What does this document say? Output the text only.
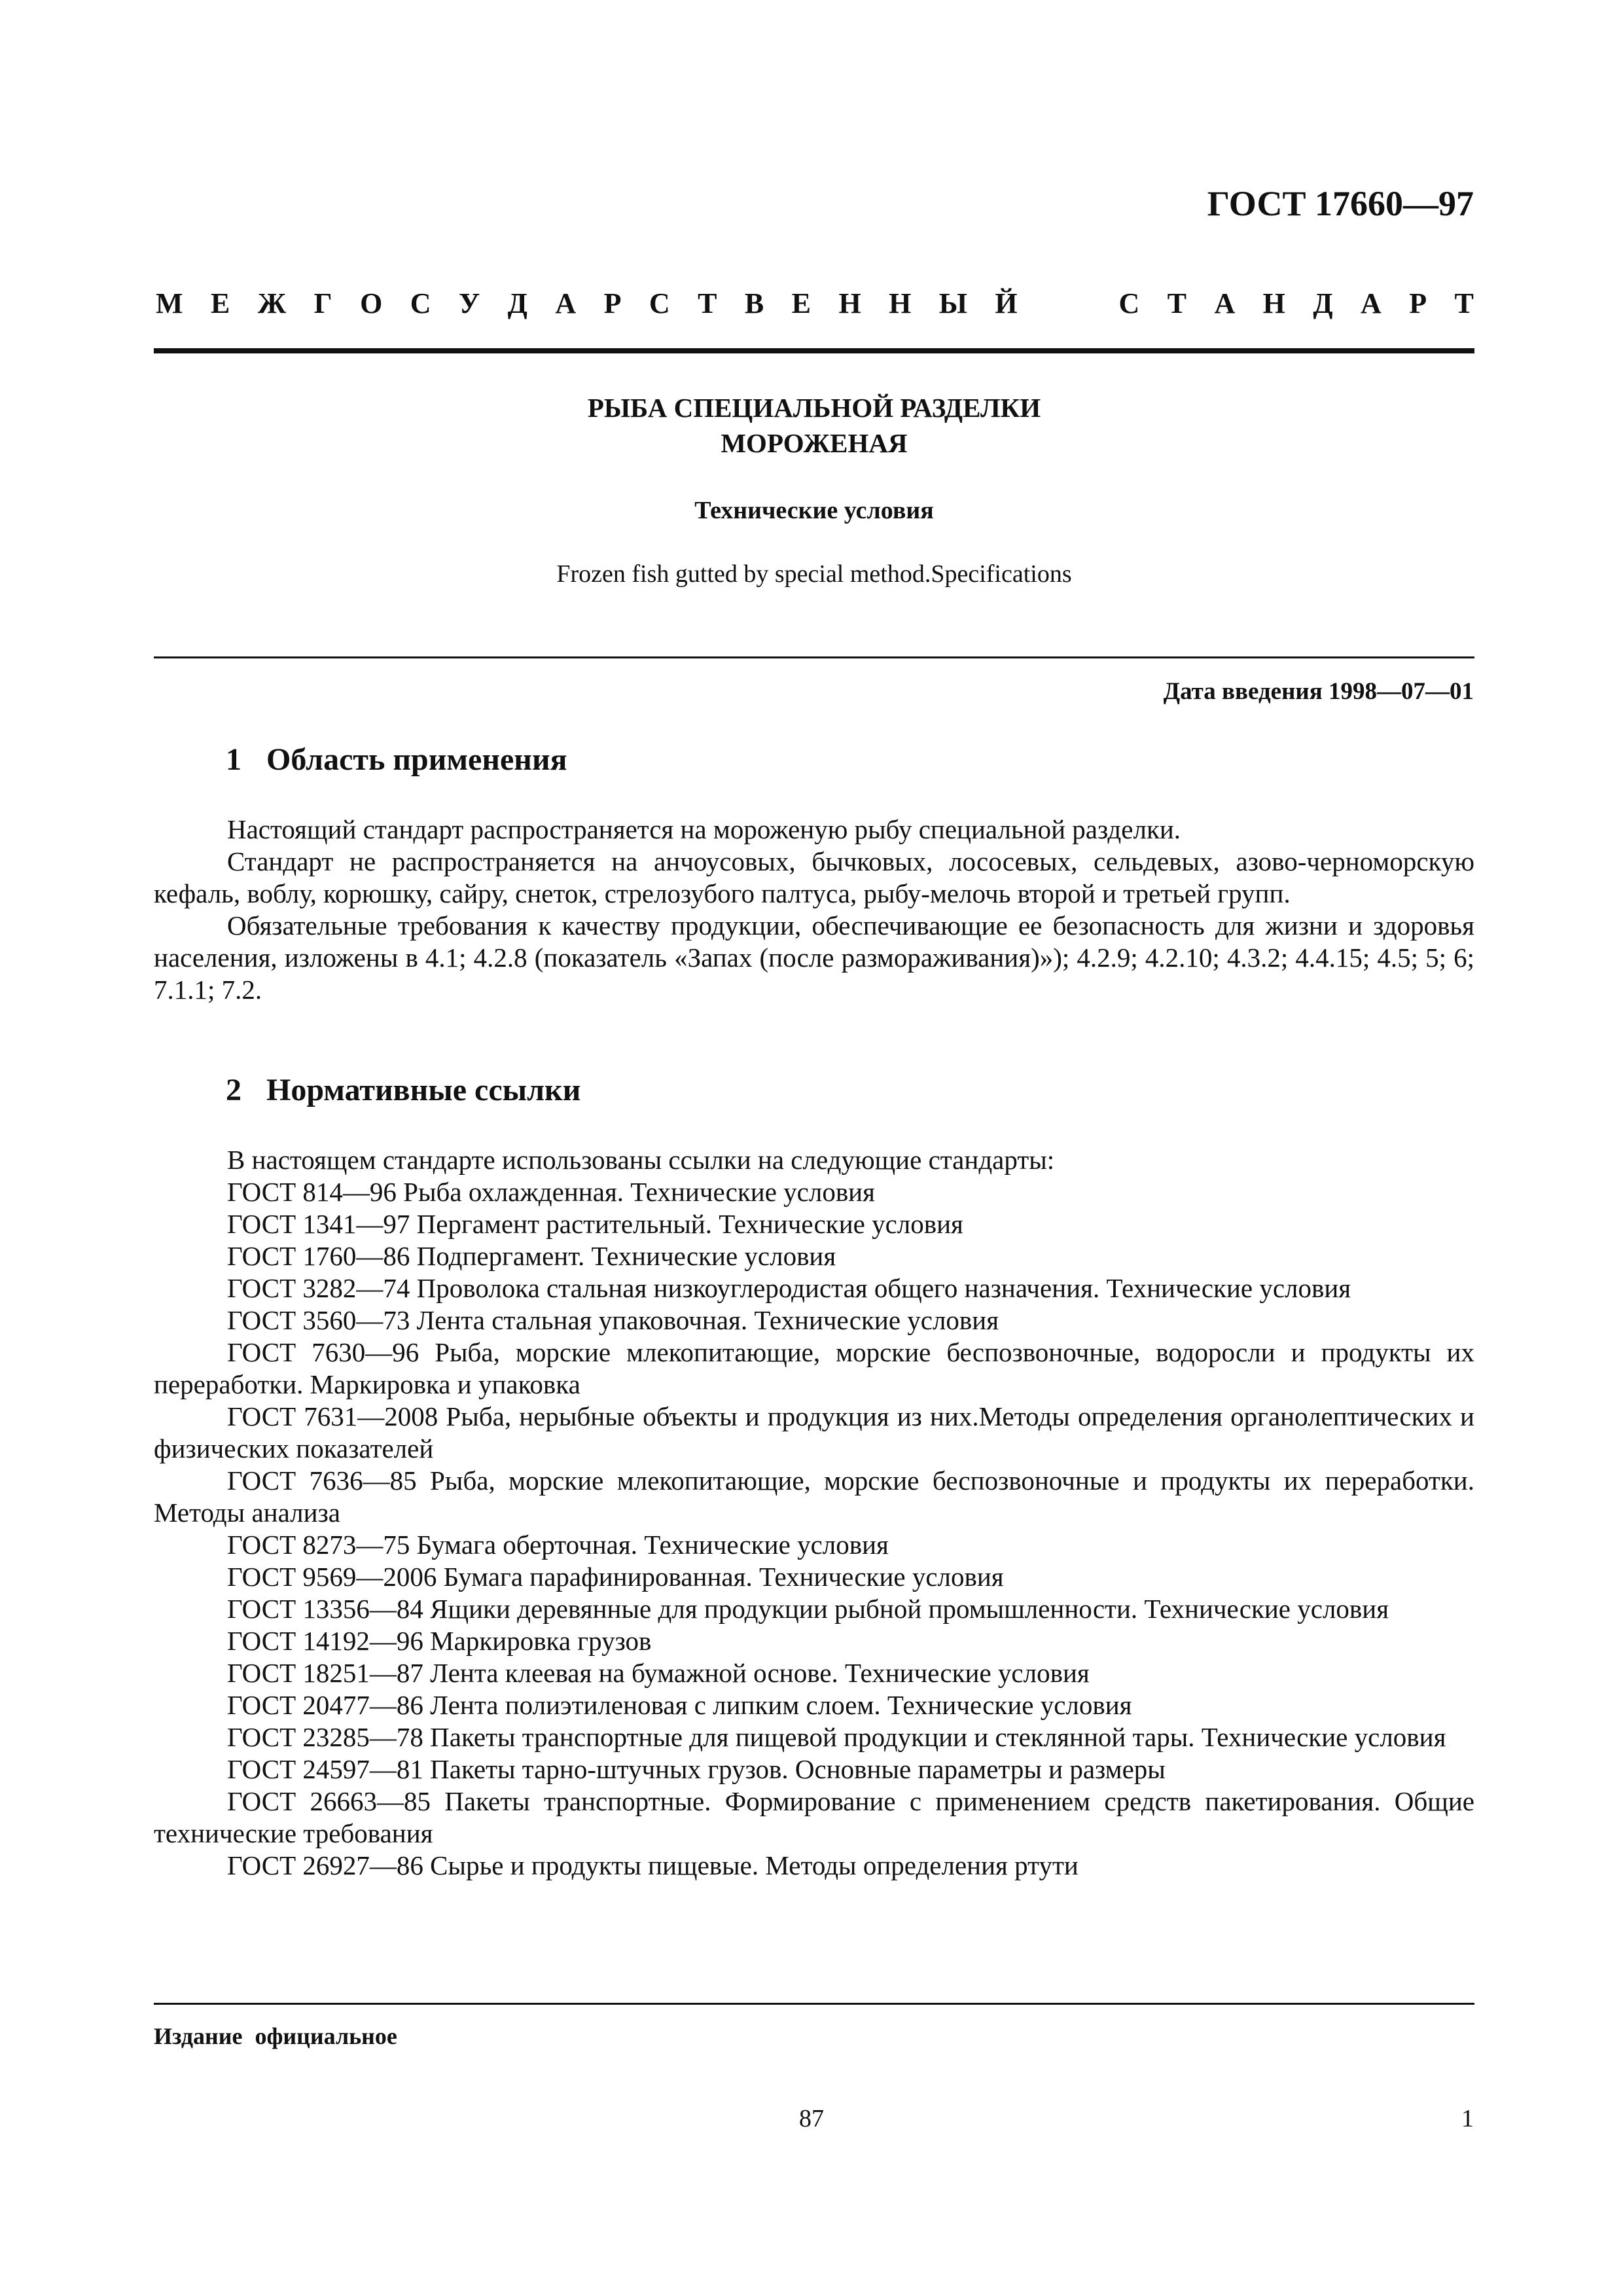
ГОСТ 17660—97
М Е Ж Г О С У Д А Р С Т В Е Н Н Ы Й	С Т А Н Д А Р Т
РЫБА СПЕЦИАЛЬНОЙ РАЗДЕЛКИ
МОРОЖЕНАЯ
Технические условия
Frozen fish gutted by special method.Specifications
Дата введения 1998—07—01
1 Область применения

Настоящий стандарт распространяется на мороженую рыбу специальной разделки.

Стандарт не распространяется на анчоусовых, бычковых, лососевых, сельдевых, азово-черноморскую кефаль, воблу, корюшку, сайру, снеток, стрелозубого палтуса, рыбу-мелочь второй и третьей групп.

Обязательные требования к качеству продукции, обеспечивающие ее безопасность для жизни и здоровья населения, изложены в 4.1; 4.2.8 (показатель «Запах (после размораживания)»); 4.2.9; 4.2.10; 4.3.2; 4.4.15; 4.5; 5; 6; 7.1.1; 7.2.

2 Нормативные ссылки

В настоящем стандарте использованы ссылки на следующие стандарты:

ГОСТ 814—96 Рыба охлажденная. Технические условия

ГОСТ 1341—97 Пергамент растительный. Технические условия

ГОСТ 1760—86 Подпергамент. Технические условия

ГОСТ 3282—74 Проволока стальная низкоуглеродистая общего назначения. Технические условия

ГОСТ 3560—73 Лента стальная упаковочная. Технические условия

ГОСТ 7630—96 Рыба, морские млекопитающие, морские беспозвоночные, водоросли и продукты их переработки. Маркировка и упаковка

ГОСТ 7631—2008 Рыба, нерыбные объекты и продукция из них.Методы определения органолептических и физических показателей

ГОСТ 7636—85 Рыба, морские млекопитающие, морские беспозвоночные и продукты их переработки. Методы анализа

ГОСТ 8273—75 Бумага оберточная. Технические условия

ГОСТ 9569—2006 Бумага парафинированная. Технические условия

ГОСТ 13356—84 Ящики деревянные для продукции рыбной промышленности. Технические условия

ГОСТ 14192—96 Маркировка грузов

ГОСТ 18251—87 Лента клеевая на бумажной основе. Технические условия

ГОСТ 20477—86 Лента полиэтиленовая с липким слоем. Технические условия

ГОСТ 23285—78 Пакеты транспортные для пищевой продукции и стеклянной тары. Технические условия

ГОСТ 24597—81 Пакеты тарно-штучных грузов. Основные параметры и размеры

ГОСТ 26663—85 Пакеты транспортные. Формирование с применением средств пакетирования. Общие технические требования

ГОСТ 26927—86 Сырье и продукты пищевые. Методы определения ртути

Издание официальное
87	1
